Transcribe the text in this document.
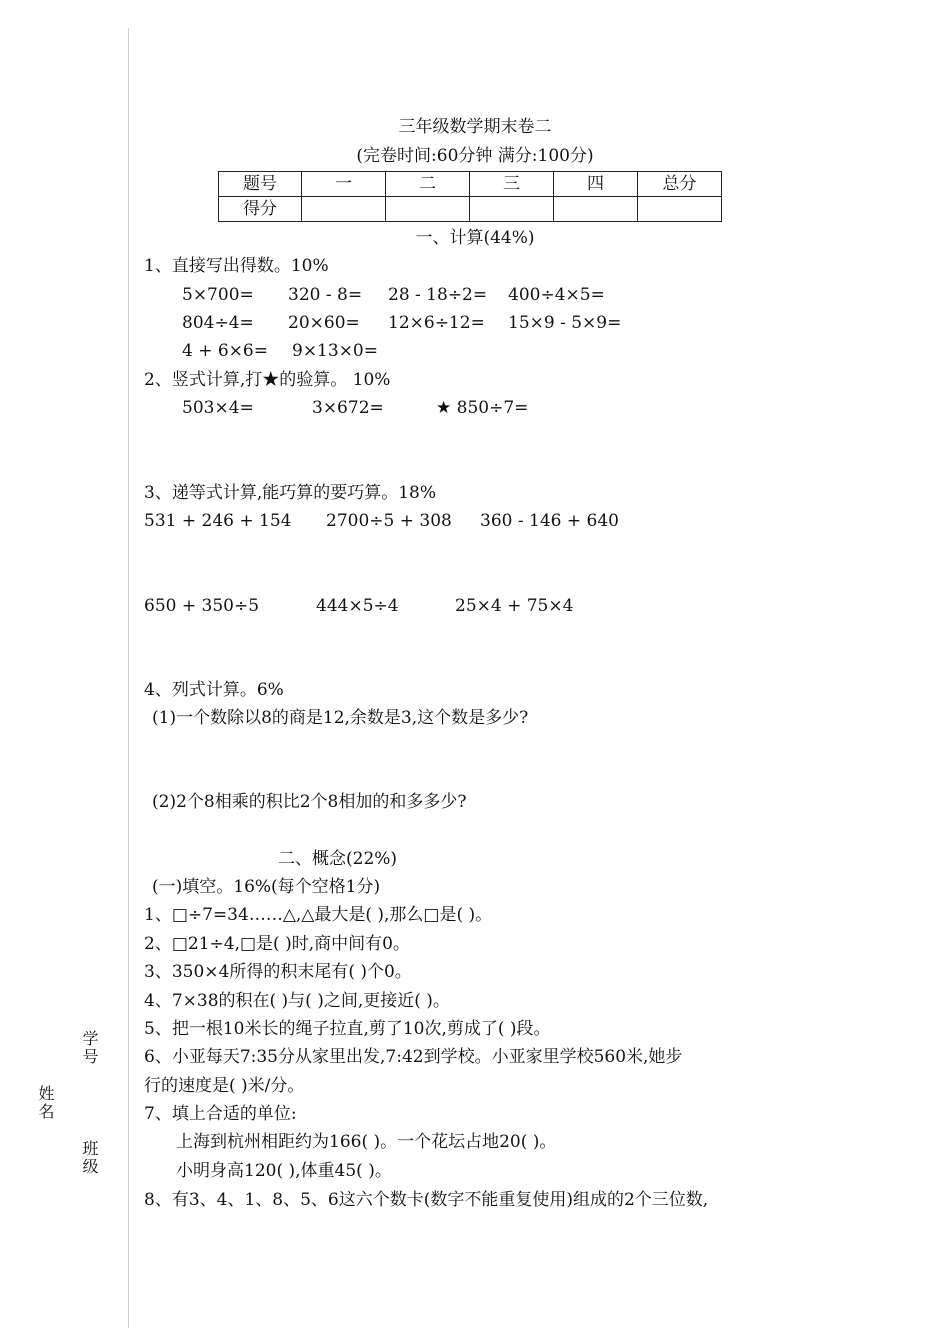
学号
姓名
班级
三年级数学期末卷二
(完卷时间:60分钟 满分:100分)
题号	一	二	三	四	总分
得分					
一、计算(44%)
1、直接写出得数。10%
5×700= 320 - 8= 28 - 18÷2= 400÷4×5=
804÷4= 20×60= 12×6÷12= 15×9 - 5×9=
4 + 6×6= 9×13×0=
2、竖式计算,打★的验算。 10%
503×4=	3×672=	★ 850÷7=
3、递等式计算,能巧算的要巧算。18%
531 + 246 + 154 2700÷5 + 308 360 - 146 + 640
650 + 350÷5	444×5÷4	25×4 + 75×4
4、列式计算。6%
(1)一个数除以8的商是12,余数是3,这个数是多少?
(2)2个8相乘的积比2个8相加的和多多少?
二、概念(22%)
(一)填空。16%(每个空格1分)
1、□÷7=34……△,△最大是( ),那么□是( )。
2、□21÷4,□是( )时,商中间有0。
3、350×4所得的积末尾有( )个0。
4、7×38的积在( )与( )之间,更接近( )。
5、把一根10米长的绳子拉直,剪了10次,剪成了( )段。
6、小亚每天7:35分从家里出发,7:42到学校。小亚家里学校560米,她步
行的速度是( )米/分。
7、填上合适的单位:
上海到杭州相距约为166( )。一个花坛占地20( )。
小明身高120( ),体重45( )。
8、有3、4、1、8、5、6这六个数卡(数字不能重复使用)组成的2个三位数,
